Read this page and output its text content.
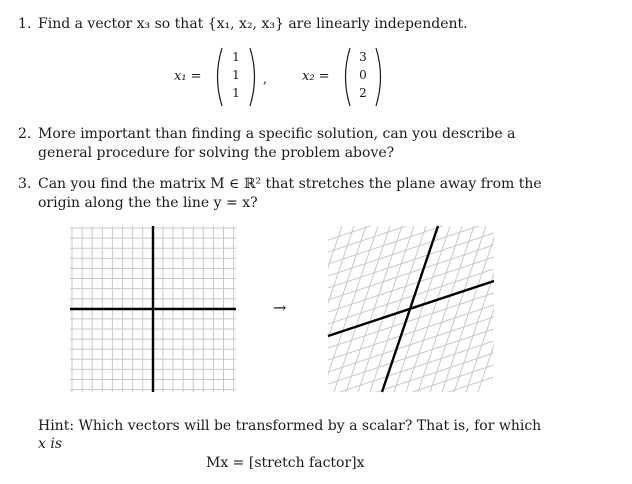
1. Find a vector x₃ so that {x₁, x₂, x₃} are linearly independent.
x₁ =
1
1
1
,	x₂ =
3
0
2
2. More important than finding a specific solution, can you describe a
general procedure for solving the problem above?
3. Can you find the matrix M ∈ ℝ² that stretches the plane away from the
origin along the the line y = x?
→
Hint: Which vectors will be transformed by a scalar? That is, for which
x is
Mx = [stretch factor]x
